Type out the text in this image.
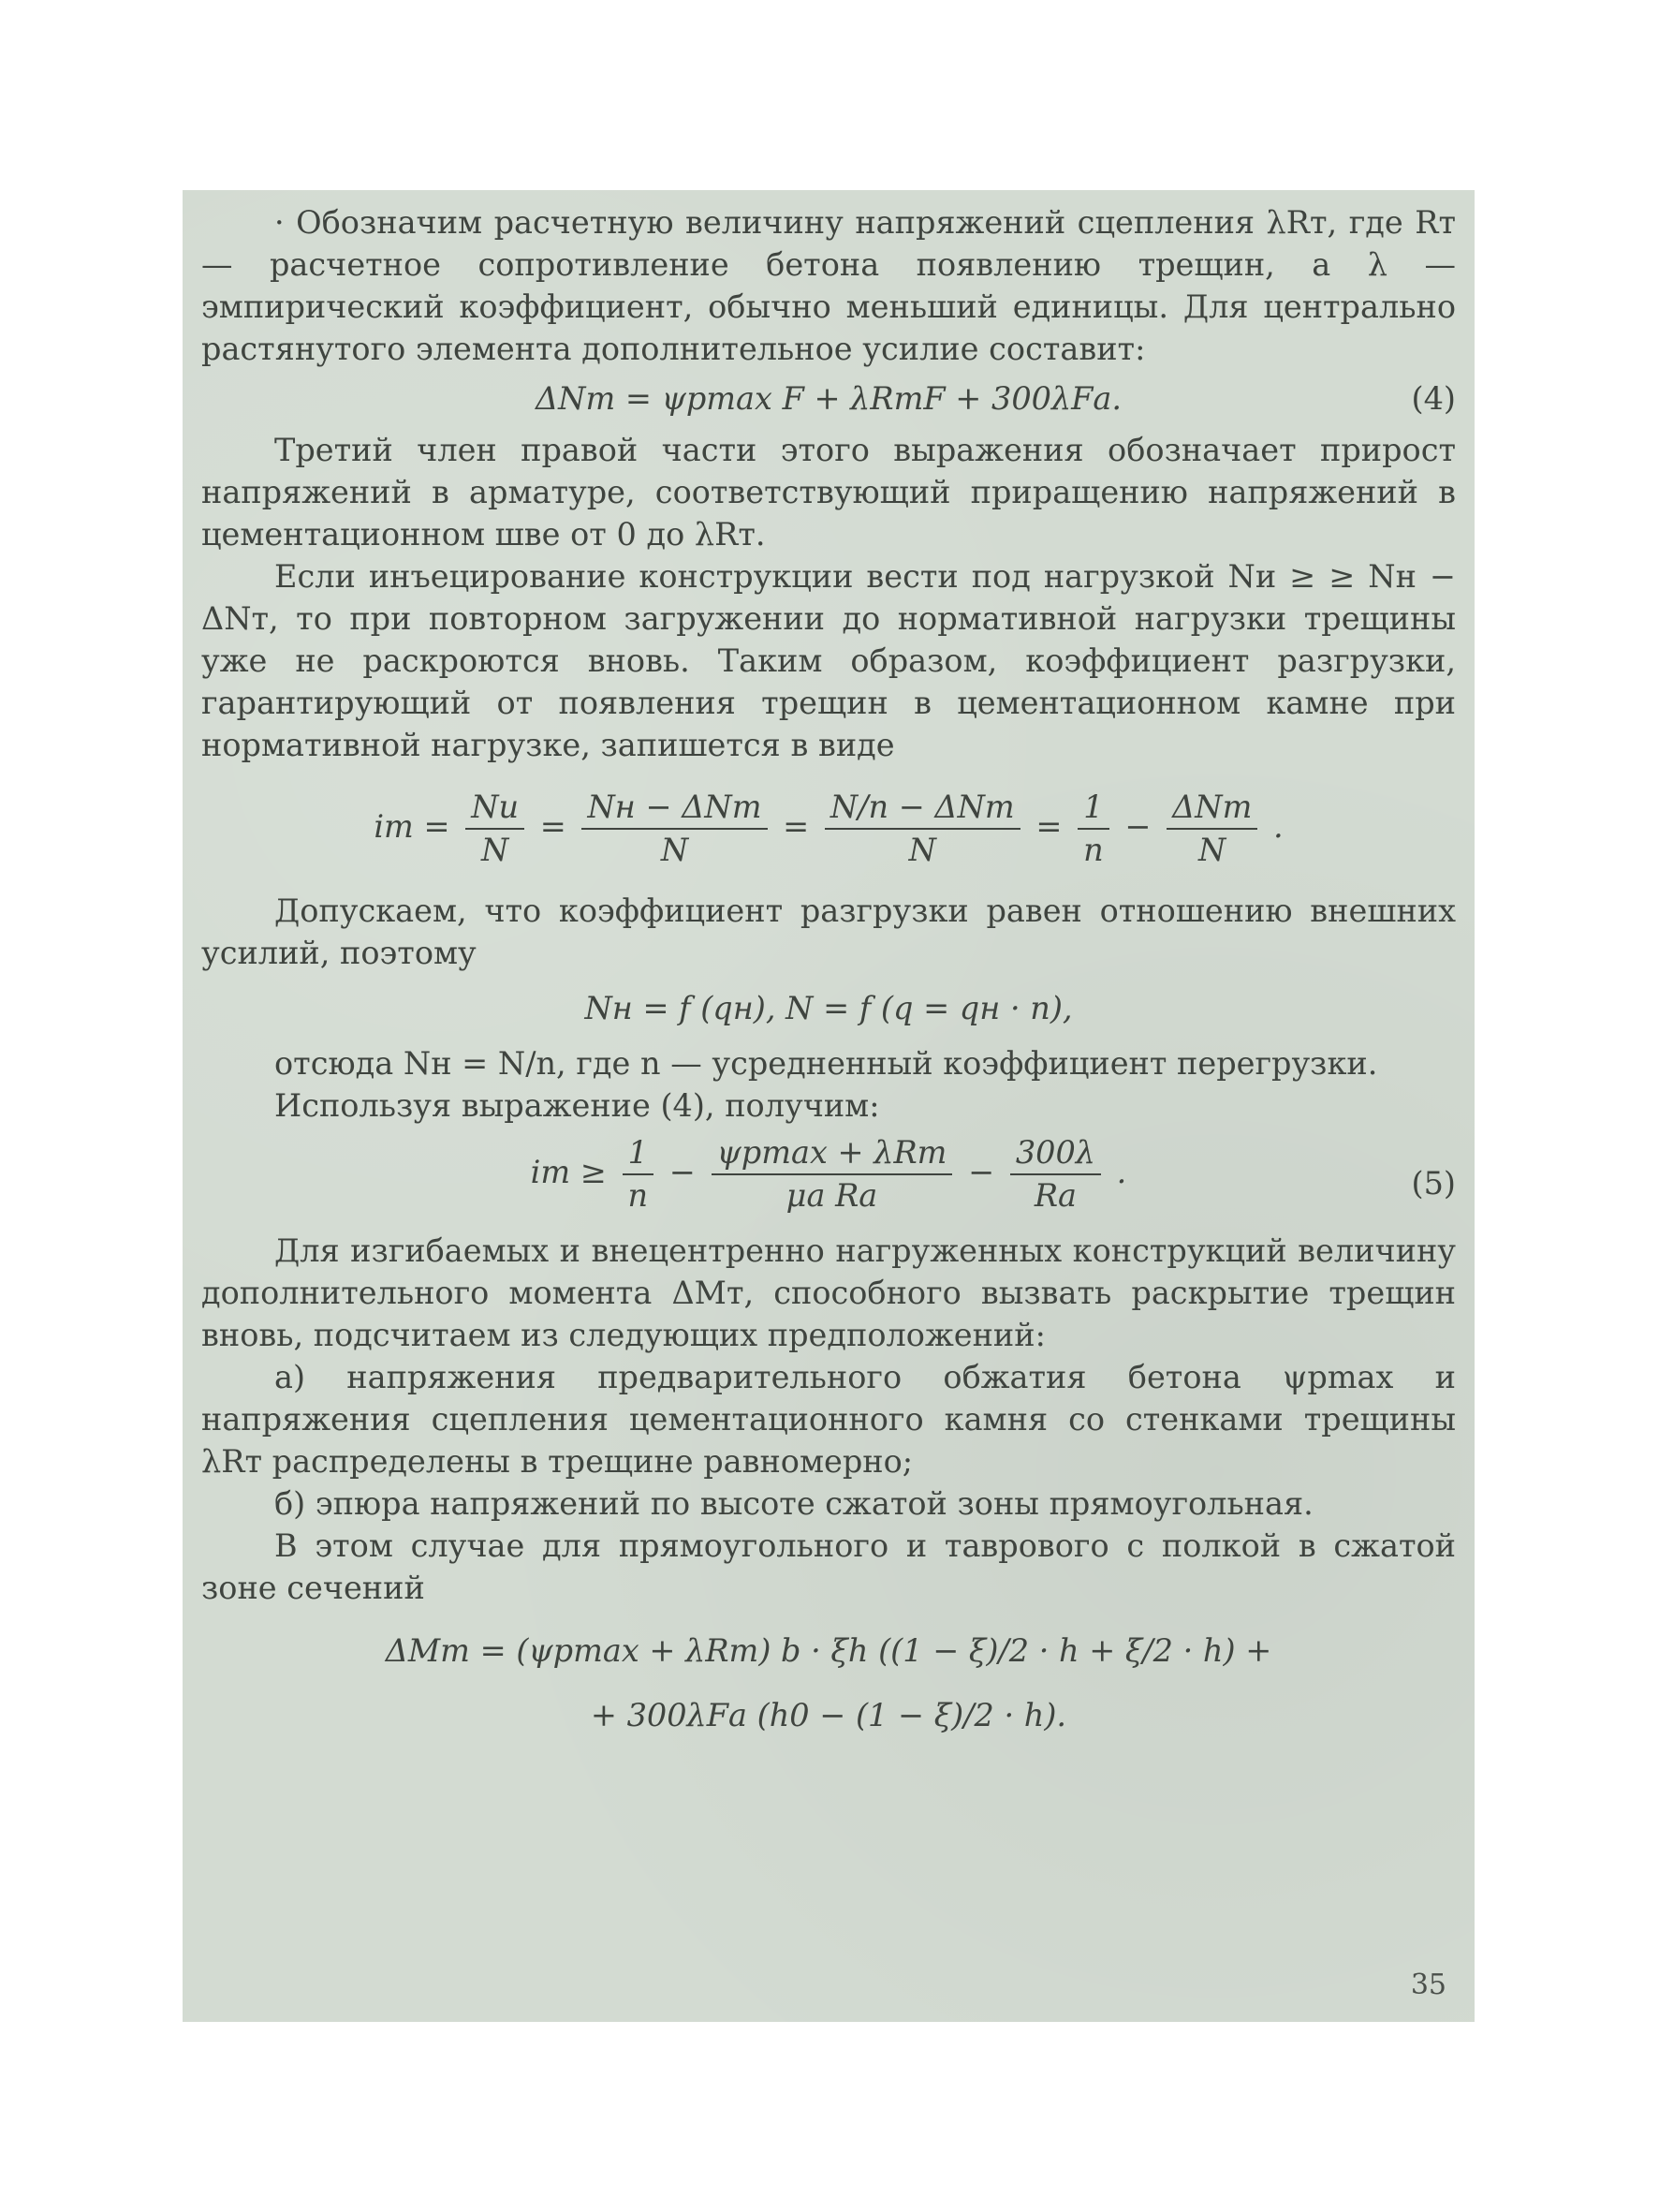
· Обозначим расчетную величину напряжений сцепления λRт, где Rт — расчетное сопротивление бетона появлению трещин, а λ — эмпирический коэффициент, обычно меньший единицы. Для центрально растянутого элемента дополнительное усилие составит:

ΔNт = ψpmax F + λRтF + 300λFа.	(4)

Третий член правой части этого выражения обозначает прирост напряжений в арматуре, соответствующий приращению напряжений в цементационном шве от 0 до λRт.

Если инъецирование конструкции вести под нагрузкой Nи ≥ ≥ Nн − ΔNт, то при повторном загружении до нормативной нагрузки трещины уже не раскроются вновь. Таким образом, коэффициент разгрузки, гарантирующий от появления трещин в цементационном камне при нормативной нагрузке, запишется в виде

iт = $\frac{Nи}{N} = \frac{\text{Nн − ΔNт}}{N} = \frac{\text{N/n − ΔNт}}{N} = \frac{1}{n} - \frac{\text{ΔNт}}{N}$ .

Допускаем, что коэффициент разгрузки равен отношению внешних усилий, поэтому

Nн = f (qн), N = f (q = qн · n),

отсюда Nн = N/n, где n — усредненный коэффициент перегрузки.

Используя выражение (4), получим:

iт ≥ $\frac{1}{n} - \frac{\text{ψpmax + λRт}}{\text{μа Rа}} - \frac{300\lambda}{Rа}$ .	(5)

Для изгибаемых и внецентренно нагруженных конструкций величину дополнительного момента ΔMт, способного вызвать раскрытие трещин вновь, подсчитаем из следующих предположений:

а) напряжения предварительного обжатия бетона ψpmax и напряжения сцепления цементационного камня со стенками трещины λRт распределены в трещине равномерно;

б) эпюра напряжений по высоте сжатой зоны прямоугольная.

В этом случае для прямоугольного и таврового с полкой в сжатой зоне сечений

ΔMт = (ψpmax + λRт) b · ξh ((1 − ξ)/2 · h + ξ/2 · h) +
+ 300λFа (h0 − (1 − ξ)/2 · h).
35
